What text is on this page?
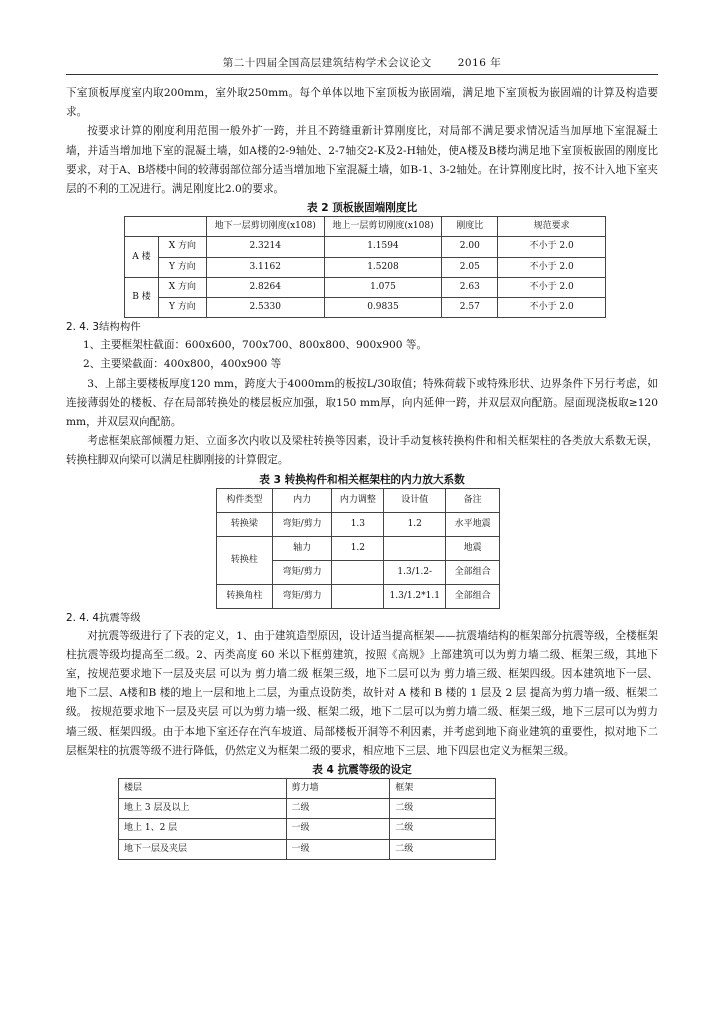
第二十四届全国高层建筑结构学术会议论文 2016 年

下室顶板厚度室内取200mm，室外取250mm。每个单体以地下室顶板为嵌固端，满足地下室顶板为嵌固端的计算及构造要求。

按要求计算的刚度利用范围一般外扩一跨，并且不跨缝重新计算刚度比，对局部不满足要求情况适当加厚地下室混凝土墙，并适当增加地下室的混凝土墙，如A楼的2-9轴处、2-7轴交2-K及2-H轴处，使A楼及B楼均满足地下室顶板嵌固的刚度比要求，对于A、B塔楼中间的较薄弱部位部分适当增加地下室混凝土墙，如B-1、3-2轴处。在计算刚度比时，按不计入地下室夹层的不利的工况进行。满足刚度比2.0的要求。

表 2 顶板嵌固端刚度比
		地下一层剪切刚度(x108)	地上一层剪切刚度(x108)	刚度比	规范要求
A 楼	X 方向	2.3214	1.1594	2.00	不小于 2.0
	Y 方向	3.1162	1.5208	2.05	不小于 2.0
B 楼	X 方向	2.8264	1.075	2.63	不小于 2.0
	Y 方向	2.5330	0.9835	2.57	不小于 2.0
2. 4. 3结构构件

1、主要框架柱截面：600x600，700x700、800x800、900x900 等。

2、主要梁截面：400x800，400x900 等

3、上部主要楼板厚度120 mm，跨度大于4000mm的板按L/30取值；特殊荷载下或特殊形状、边界条件下另行考虑，如连接薄弱处的楼板、存在局部转换处的楼层板应加强，取150 mm厚，向内延伸一跨，并双层双向配筋。屋面现浇板取≥120 mm，并双层双向配筋。

考虑框架底部倾覆力矩、立面多次内收以及梁柱转换等因素，设计手动复核转换构件和相关框架柱的各类放大系数无误，转换柱脚双向梁可以满足柱脚刚接的计算假定。

表 3 转换构件和相关框架柱的内力放大系数
构件类型	内力	内力调整	设计值	备注
转换梁	弯矩/剪力	1.3	1.2	水平地震
转换柱	轴力	1.2		地震
	弯矩/剪力		1.3/1.2-	全部组合
转换角柱	弯矩/剪力		1.3/1.2*1.1	全部组合
2. 4. 4抗震等级

对抗震等级进行了下表的定义，1、由于建筑造型原因，设计适当提高框架——抗震墙结构的框架部分抗震等级，全楼框架柱抗震等级均提高至二级。2、丙类高度 60 米以下框剪建筑，按照《高规》上部建筑可以为剪力墙二级、框架三级，其地下室，按规范要求地下一层及夹层 可以为 剪力墙二级 框架三级，地下二层可以为 剪力墙三级、框架四级。因本建筑地下一层、地下二层、A楼和B 楼的地上一层和地上二层，为重点设防类，故针对 A 楼和 B 楼的 1 层及 2 层 提高为剪力墙一级、框架二级。 按规范要求地下一层及夹层 可以为剪力墙一级、框架二级，地下二层可以为剪力墙二级、框架三级，地下三层可以为剪力墙三级、框架四级。由于本地下室还存在汽车坡道、局部楼板开洞等不利因素，并考虑到地下商业建筑的重要性，拟对地下二层框架柱的抗震等级不进行降低，仍然定义为框架二级的要求，相应地下三层、地下四层也定义为框架三级。

表 4 抗震等级的设定
楼层	剪力墙	框架
地上 3 层及以上	二级	二级
地上 1、2 层	一级	二级
地下一层及夹层	一级	二级
